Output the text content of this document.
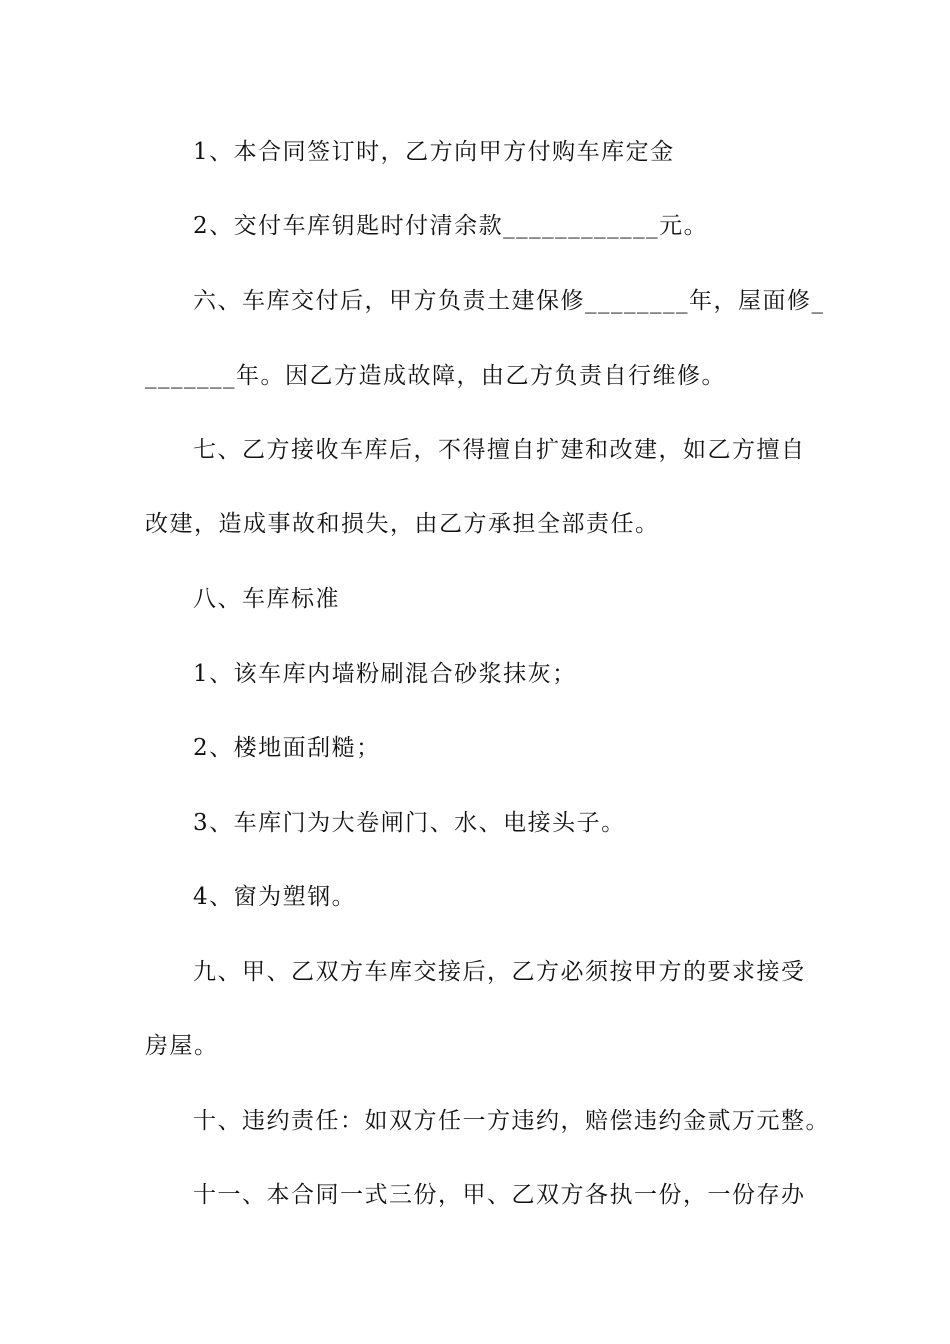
1、本合同签订时，乙方向甲方付购车库定金
2、交付车库钥匙时付清余款____________元。
六、车库交付后，甲方负责土建保修________年，屋面修_
_______年。因乙方造成故障，由乙方负责自行维修。
七、乙方接收车库后，不得擅自扩建和改建，如乙方擅自
改建，造成事故和损失，由乙方承担全部责任。
八、车库标准
1、该车库内墙粉刷混合砂浆抹灰；
2、楼地面刮糙；
3、车库门为大卷闸门、水、电接头子。
4、窗为塑钢。
九、甲、乙双方车库交接后，乙方必须按甲方的要求接受
房屋。
十、违约责任：如双方任一方违约，赔偿违约金贰万元整。
十一、本合同一式三份，甲、乙双方各执一份，一份存办
